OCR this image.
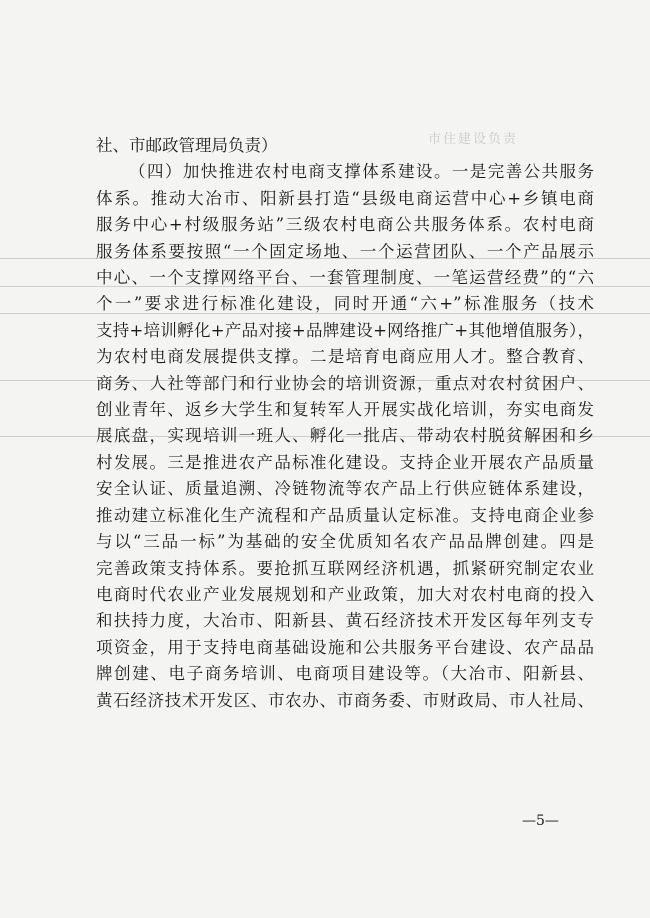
市住建设负责
社、市邮政管理局负责）
（四）加快推进农村电商支撑体系建设。一是完善公共服务
体系。推动大冶市、阳新县打造“县级电商运营中心+乡镇电商
服务中心+村级服务站”三级农村电商公共服务体系。农村电商
服务体系要按照“一个固定场地、一个运营团队、一个产品展示
中心、一个支撑网络平台、一套管理制度、一笔运营经费”的“六
个一”要求进行标准化建设，同时开通“六+”标准服务（技术
支持+培训孵化+产品对接+品牌建设+网络推广+其他增值服务），
为农村电商发展提供支撑。二是培育电商应用人才。整合教育、
商务、人社等部门和行业协会的培训资源，重点对农村贫困户、
创业青年、返乡大学生和复转军人开展实战化培训，夯实电商发
展底盘，实现培训一班人、孵化一批店、带动农村脱贫解困和乡
村发展。三是推进农产品标准化建设。支持企业开展农产品质量
安全认证、质量追溯、冷链物流等农产品上行供应链体系建设，
推动建立标准化生产流程和产品质量认定标准。支持电商企业参
与以“三品一标”为基础的安全优质知名农产品品牌创建。四是
完善政策支持体系。要抢抓互联网经济机遇，抓紧研究制定农业
电商时代农业产业发展规划和产业政策，加大对农村电商的投入
和扶持力度，大冶市、阳新县、黄石经济技术开发区每年列支专
项资金，用于支持电商基础设施和公共服务平台建设、农产品品
牌创建、电子商务培训、电商项目建设等。（大冶市、阳新县、
黄石经济技术开发区、市农办、市商务委、市财政局、市人社局、
—5—
